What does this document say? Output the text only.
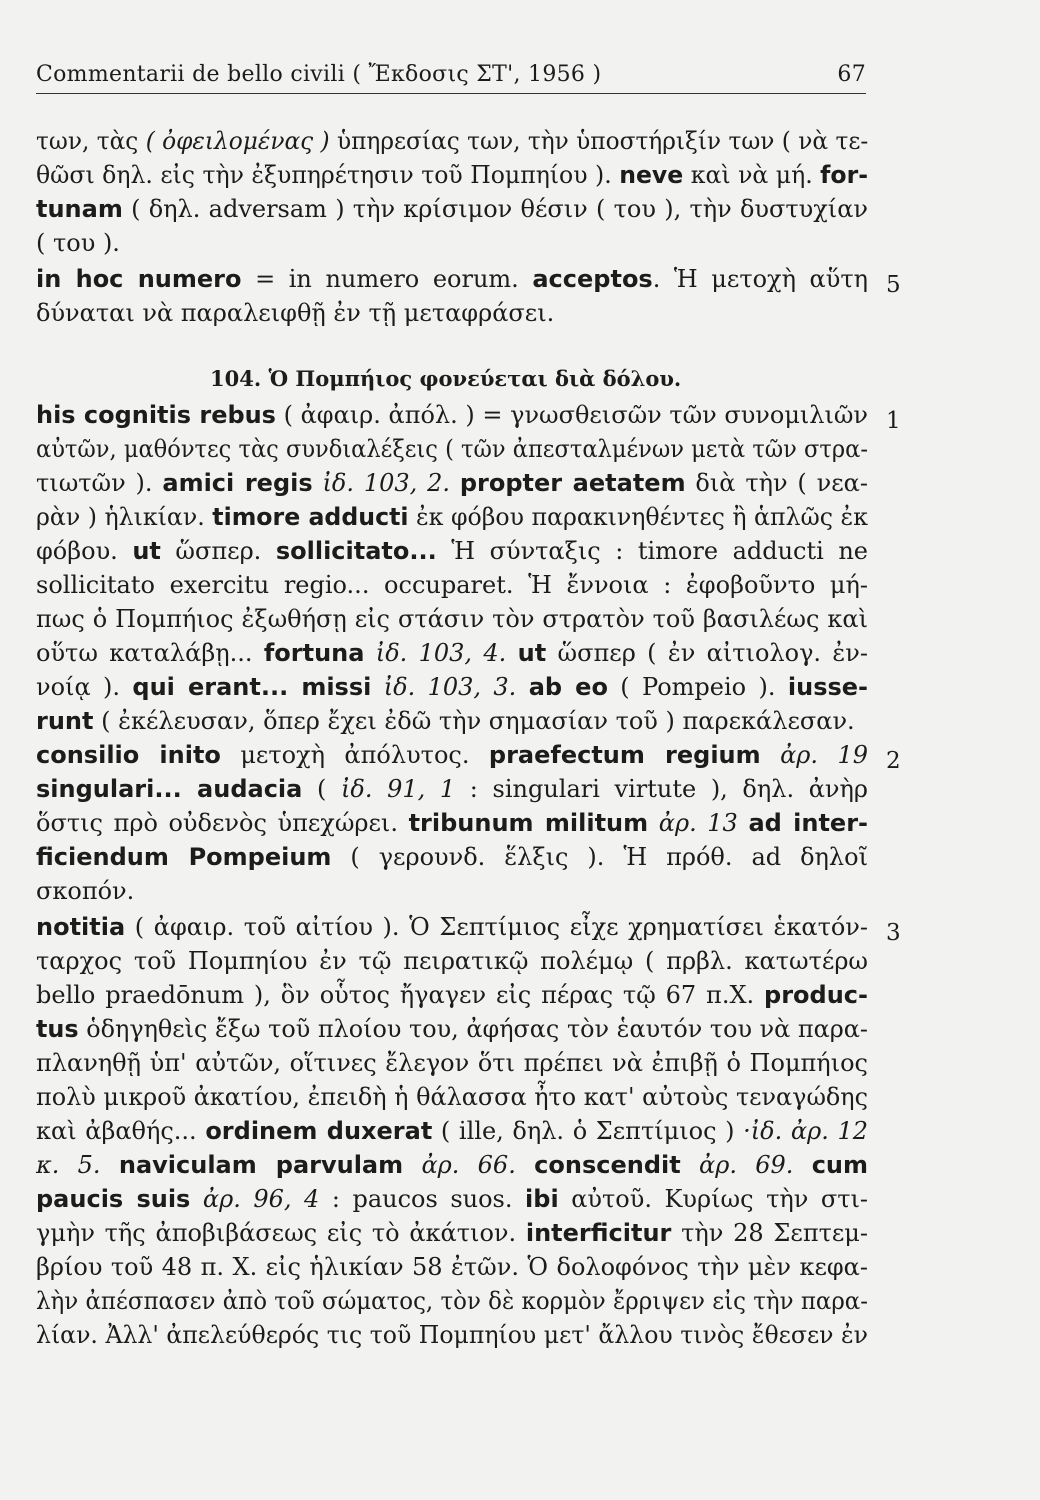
Commentarii de bello civili ( Ἔκδοσις ΣΤ', 1956 )	67
των, τὰς ( ὀφειλομένας ) ὑπηρεσίας των, τὴν ὑποστήριξίν των ( νὰ τε-
θῶσι δηλ. εἰς τὴν ἐξυπηρέτησιν τοῦ Πομπηίου ). neve καὶ νὰ μή. for-
tunam ( δηλ. adversam ) τὴν κρίσιμον θέσιν ( του ), τὴν δυστυχίαν
( του ).
in hoc numero = in numero eorum. acceptos. Ἡ μετοχὴ αὕτη
δύναται νὰ παραλειφθῇ ἐν τῇ μεταφράσει.
his cognitis rebus ( ἀφαιρ. ἀπόλ. ) = γνωσθεισῶν τῶν συνομιλιῶν
αὐτῶν, μαθόντες τὰς συνδιαλέξεις ( τῶν ἀπεσταλμένων μετὰ τῶν στρα-
τιωτῶν ). amici regis ἰδ. 103, 2. propter aetatem διὰ τὴν ( νεα-
ρὰν ) ἡλικίαν. timore adducti ἐκ φόβου παρακινηθέντες ἢ ἁπλῶς ἐκ
φόβου. ut ὥσπερ. sollicitato... Ἡ σύνταξις : timore adducti ne
sollicitato exercitu regio... occuparet. Ἡ ἔννοια : ἐφοβοῦντο μή-
πως ὁ Πομπήιος ἐξωθήσῃ εἰς στάσιν τὸν στρατὸν τοῦ βασιλέως καὶ
οὕτω καταλάβῃ... fortuna ἰδ. 103, 4. ut ὥσπερ ( ἐν αἰτιολογ. ἐν-
νοίᾳ ). qui erant... missi ἰδ. 103, 3. ab eo ( Pompeio ). iusse-
runt ( ἐκέλευσαν, ὅπερ ἔχει ἐδῶ τὴν σημασίαν τοῦ ) παρεκάλεσαν.
consilio inito μετοχὴ ἀπόλυτος. praefectum regium ἀρ. 19
singulari... audacia ( ἰδ. 91, 1 : singulari virtute ), δηλ. ἀνὴρ
ὅστις πρὸ οὐδενὸς ὑπεχώρει. tribunum militum ἀρ. 13 ad inter-
ficiendum Pompeium ( γερουνδ. ἕλξις ). Ἡ πρόθ. ad δηλοῖ
σκοπόν.
notitia ( ἀφαιρ. τοῦ αἰτίου ). Ὁ Σεπτίμιος εἶχε χρηματίσει ἑκατόν-
ταρχος τοῦ Πομπηίου ἐν τῷ πειρατικῷ πολέμῳ ( πρβλ. κατωτέρω
bello praedōnum ), ὃν οὗτος ἤγαγεν εἰς πέρας τῷ 67 π.Χ. produc-
tus ὁδηγηθεὶς ἔξω τοῦ πλοίου του, ἀφήσας τὸν ἑαυτόν του νὰ παρα-
πλανηθῇ ὑπ' αὐτῶν, οἵτινες ἔλεγον ὅτι πρέπει νὰ ἐπιβῇ ὁ Πομπήιος
πολὺ μικροῦ ἀκατίου, ἐπειδὴ ἡ θάλασσα ἦτο κατ' αὐτοὺς τεναγώδης
καὶ ἀβαθής... ordinem duxerat ( ille, δηλ. ὁ Σεπτίμιος ) ·ἰδ. ἀρ. 12
κ. 5. naviculam parvulam ἀρ. 66. conscendit ἀρ. 69. cum
paucis suis ἀρ. 96, 4 : paucos suos. ibi αὐτοῦ. Κυρίως τὴν στι-
γμὴν τῆς ἀποβιβάσεως εἰς τὸ ἀκάτιον. interficitur τὴν 28 Σεπτεμ-
βρίου τοῦ 48 π. Χ. εἰς ἡλικίαν 58 ἐτῶν. Ὁ δολοφόνος τὴν μὲν κεφα-
λὴν ἀπέσπασεν ἀπὸ τοῦ σώματος, τὸν δὲ κορμὸν ἔρριψεν εἰς τὴν παρα-
λίαν. Ἀλλ' ἀπελεύθερός τις τοῦ Πομπηίου μετ' ἄλλου τινὸς ἔθεσεν ἐν
104. Ὁ Πομπήιος φονεύεται διὰ δόλου.
5
1
2
3
